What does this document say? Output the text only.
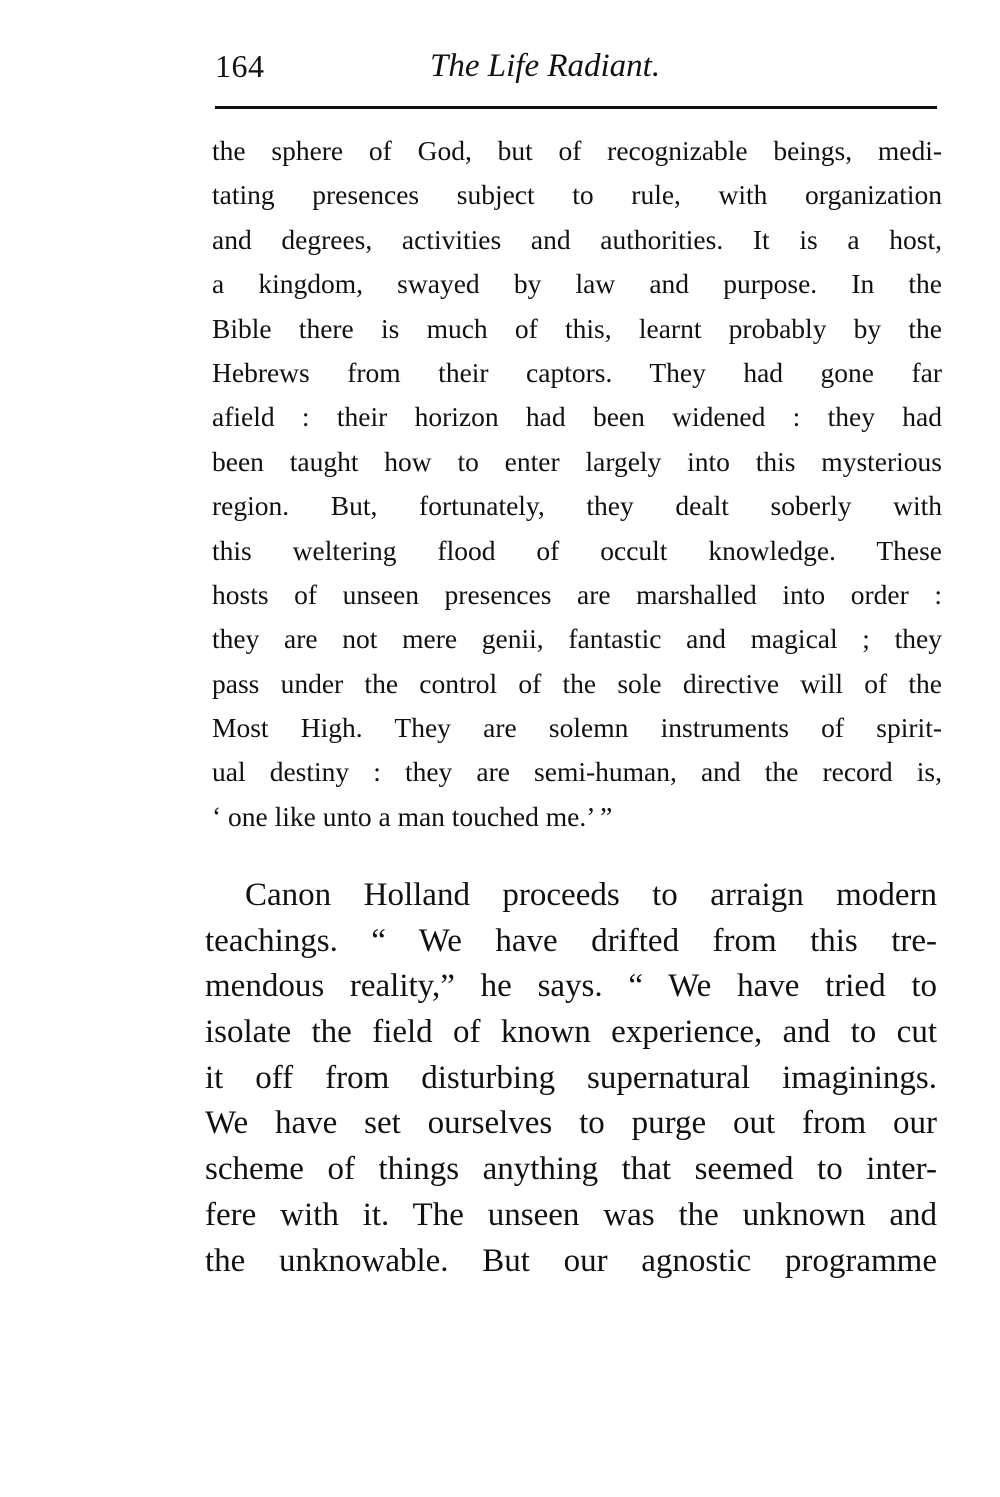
164	The Life Radiant.
the sphere of God, but of recognizable beings, medi-
tating presences subject to rule, with organization
and degrees, activities and authorities. It is a host,
a kingdom, swayed by law and purpose. In the
Bible there is much of this, learnt probably by the
Hebrews from their captors. They had gone far
afield : their horizon had been widened : they had
been taught how to enter largely into this mysterious
region. But, fortunately, they dealt soberly with
this weltering flood of occult knowledge. These
hosts of unseen presences are marshalled into order :
they are not mere genii, fantastic and magical ; they
pass under the control of the sole directive will of the
Most High. They are solemn instruments of spirit-
ual destiny : they are semi-human, and the record is,
‘ one like unto a man touched me.’ ”
Canon Holland proceeds to arraign modern
teachings. “ We have drifted from this tre-
mendous reality,” he says. “ We have tried to
isolate the field of known experience, and to cut
it off from disturbing supernatural imaginings.
We have set ourselves to purge out from our
scheme of things anything that seemed to inter-
fere with it. The unseen was the unknown and
the unknowable. But our agnostic programme
